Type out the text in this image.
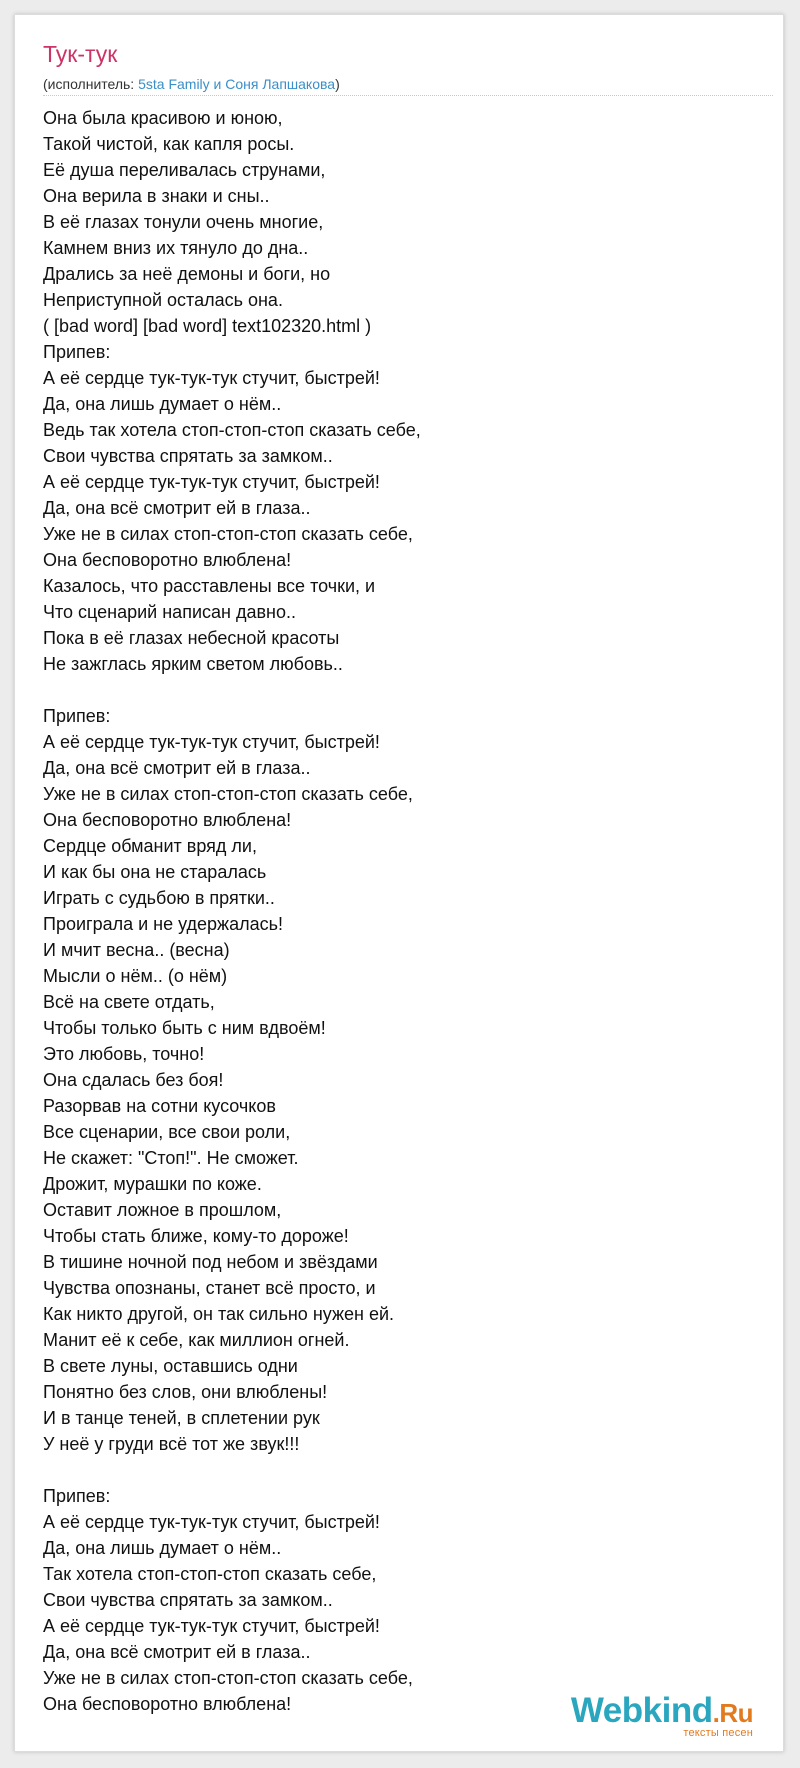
Тук-тук
(исполнитель: 5sta Family и Соня Лапшакова)
Она была красивою и юною,
Такой чистой, как капля росы.
Её душа переливалась струнами,
Она верила в знаки и сны..
В её глазах тонули очень многие,
Камнем вниз их тянуло до дна..
Дрались за неё демоны и боги, но
Неприступной осталась она.
( [bad word] [bad word] text102320.html )
Припев:
А её сердце тук-тук-тук стучит, быстрей!
Да, она лишь думает о нём..
Ведь так хотела стоп-стоп-стоп сказать себе,
Свои чувства спрятать за замком..
А её сердце тук-тук-тук стучит, быстрей!
Да, она всё смотрит ей в глаза..
Уже не в силах стоп-стоп-стоп сказать себе,
Она бесповоротно влюблена!
Казалось, что расставлены все точки, и
Что сценарий написан давно..
Пока в её глазах небесной красоты
Не зажглась ярким светом любовь..
Припев:
А её сердце тук-тук-тук стучит, быстрей!
Да, она всё смотрит ей в глаза..
Уже не в силах стоп-стоп-стоп сказать себе,
Она бесповоротно влюблена!
Сердце обманит вряд ли,
И как бы она не старалась
Играть с судьбою в прятки..
Проиграла и не удержалась!
И мчит весна.. (весна)
Мысли о нём.. (о нём)
Всё на свете отдать,
Чтобы только быть с ним вдвоём!
Это любовь, точно!
Она сдалась без боя!
Разорвав на сотни кусочков
Все сценарии, все свои роли,
Не скажет: "Стоп!". Не сможет.
Дрожит, мурашки по коже.
Оставит ложное в прошлом,
Чтобы стать ближе, кому-то дороже!
В тишине ночной под небом и звёздами
Чувства опознаны, станет всё просто, и
Как никто другой, он так сильно нужен ей.
Манит её к себе, как миллион огней.
В свете луны, оставшись одни
Понятно без слов, они влюблены!
И в танце теней, в сплетении рук
У неё у груди всё тот же звук!!!
Припев:
А её сердце тук-тук-тук стучит, быстрей!
Да, она лишь думает о нём..
Так хотела стоп-стоп-стоп сказать себе,
Свои чувства спрятать за замком..
А её сердце тук-тук-тук стучит, быстрей!
Да, она всё смотрит ей в глаза..
Уже не в силах стоп-стоп-стоп сказать себе,
Она бесповоротно влюблена!	Webkind.Ru
тексты песен
